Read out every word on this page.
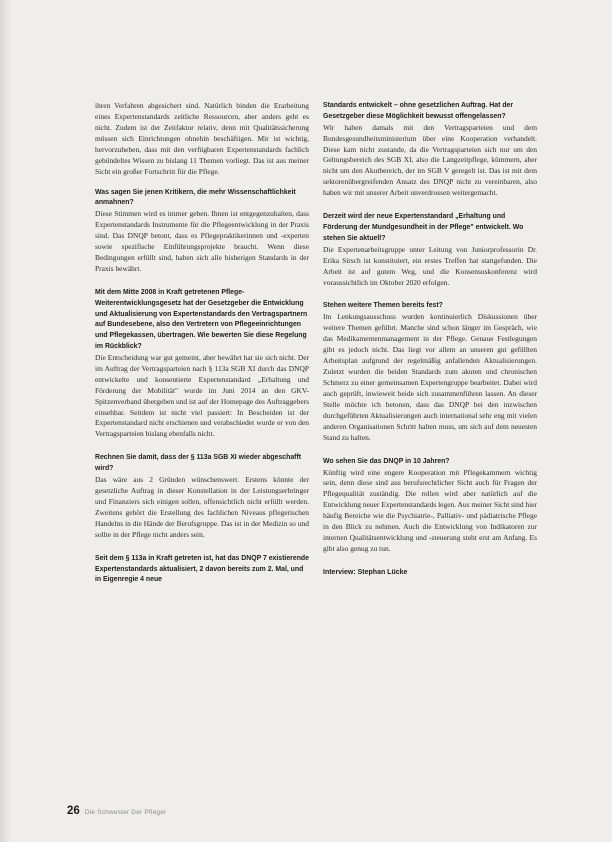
ihren Verfahren abgesichert sind. Natürlich binden die Erarbeitung eines Expertenstandards zeitliche Ressourcen, aber anders geht es nicht. Zudem ist der Zeitfaktor relativ, denn mit Qualitätssicherung müssen sich Einrichtungen ohnehin beschäftigen. Mir ist wichtig, hervorzuheben, dass mit den verfügbaren Expertenstandards fachlich gebündeltes Wissen zu bislang 11 Themen vorliegt. Das ist aus meiner Sicht ein großer Fortschritt für die Pflege.

Was sagen Sie jenen Kritikern, die mehr Wissenschaftlichkeit anmahnen?

Diese Stimmen wird es immer geben. Ihnen ist entgegenzuhalten, dass Expertenstandards Instrumente für die Pflegeentwicklung in der Praxis sind. Das DNQP betont, dass es Pflegepraktikerinnen und -experten sowie spezifische Einführungsprojekte braucht. Wenn diese Bedingungen erfüllt sind, haben sich alle bisherigen Standards in der Praxis bewährt.

Mit dem Mitte 2008 in Kraft getretenen Pflege-Weiterentwicklungsgesetz hat der Gesetzgeber die Entwicklung und Aktualisierung von Expertenstandards den Vertragspartnern auf Bundesebene, also den Vertretern von Pflegeeinrichtungen und Pflegekassen, übertragen. Wie bewerten Sie diese Regelung im Rückblick?

Die Entscheidung war gut gemeint, aber bewährt hat sie sich nicht. Der im Auftrag der Vertragsparteien nach § 113a SGB XI durch das DNQP entwickelte und konsentierte Expertenstandard „Erhaltung und Förderung der Mobilität" wurde im Juni 2014 an den GKV-Spitzenverband übergeben und ist auf der Homepage des Auftraggebers einsehbar. Seitdem ist nicht viel passiert: In Bescheiden ist der Expertenstandard nicht erschienen und verabschiedet wurde er von den Vertragsparteien bislang ebenfalls nicht.

Rechnen Sie damit, dass der § 113a SGB XI wieder abgeschafft wird?

Das wäre aus 2 Gründen wünschenswert. Erstens könnte der gesetzliche Auftrag in dieser Konstellation in der Leistungserbringer und Finanziers sich einigen sollen, offensichtlich nicht erfüllt werden. Zweitens gehört die Erstellung des fachlichen Niveaus pflegerischen Handelns in die Hände der Berufsgruppe. Das ist in der Medizin so und sollte in der Pflege nicht anders sein.

Seit dem § 113a in Kraft getreten ist, hat das DNQP 7 existierende Expertenstandards aktualisiert, 2 davon bereits zum 2. Mal, und in Eigenregie 4 neue

Standards entwickelt – ohne gesetzlichen Auftrag. Hat der Gesetzgeber diese Möglichkeit bewusst offengelassen?

Wir haben damals mit den Vertragsparteien und dem Bundesgesundheitsministerium über eine Kooperation verhandelt. Diese kam nicht zustande, da die Vertragsparteien sich nur um den Geltungsbereich des SGB XI, also die Langzeitpflege, kümmern, aber nicht um den Akutbereich, der im SGB V geregelt ist. Das ist mit dem sektorenübergreifenden Ansatz des DNQP nicht zu vereinbaren, also haben wir mit unserer Arbeit unverdrossen weitergemacht.

Derzeit wird der neue Expertenstandard „Erhaltung und Förderung der Mundgesundheit in der Pflege" entwickelt. Wo stehen Sie aktuell?

Die Expertenarbeitsgruppe unter Leitung von Juniorprofessorin Dr. Erika Sirsch ist konstituiert, ein erstes Treffen hat stattgefunden. Die Arbeit ist auf gutem Weg, und die Konsensuskonferenz wird voraussichtlich im Oktober 2020 erfolgen.

Stehen weitere Themen bereits fest?

Im Lenkungsausschuss wurden kontinuierlich Diskussionen über weitere Themen geführt. Manche sind schon länger im Gespräch, wie das Medikamentenmanagement in der Pflege. Genaue Festlegungen gibt es jedoch nicht. Das liegt vor allem an unseren gut gefüllten Arbeitsplan aufgrund der regelmäßig anfallenden Aktualisierungen. Zuletzt wurden die beiden Standards zum akuten und chronischen Schmerz zu einer gemeinsamen Expertengruppe bearbeitet. Dabei wird auch geprüft, inwieweit beide sich zusammenführen lassen. An dieser Stelle möchte ich betonen, dass das DNQP bei den inzwischen durchgeführten Aktualisierungen auch international sehr eng mit vielen anderen Organisationen Schritt halten muss, um sich auf dem neuesten Stand zu halten.

Wo sehen Sie das DNQP in 10 Jahren?

Künftig wird eine engere Kooperation mit Pflegekammern wichtig sein, denn diese sind aus berufsrechtlicher Sicht auch für Fragen der Pflegequalität zuständig. Die rollen wird aber natürlich auf die Entwicklung neuer Expertenstandards legen. Aus meiner Sicht sind hier häufig Bereiche wie die Psychiatrie-, Palliativ- und pädiatrische Pflege in den Blick zu nehmen. Auch die Entwicklung von Indikatoren zur internen Qualitätsentwicklung und -steuerung steht erst am Anfang. Es gibt also genug zu tun.

Interview: Stephan Lücke

26 Die Schwester Der Pfleger
